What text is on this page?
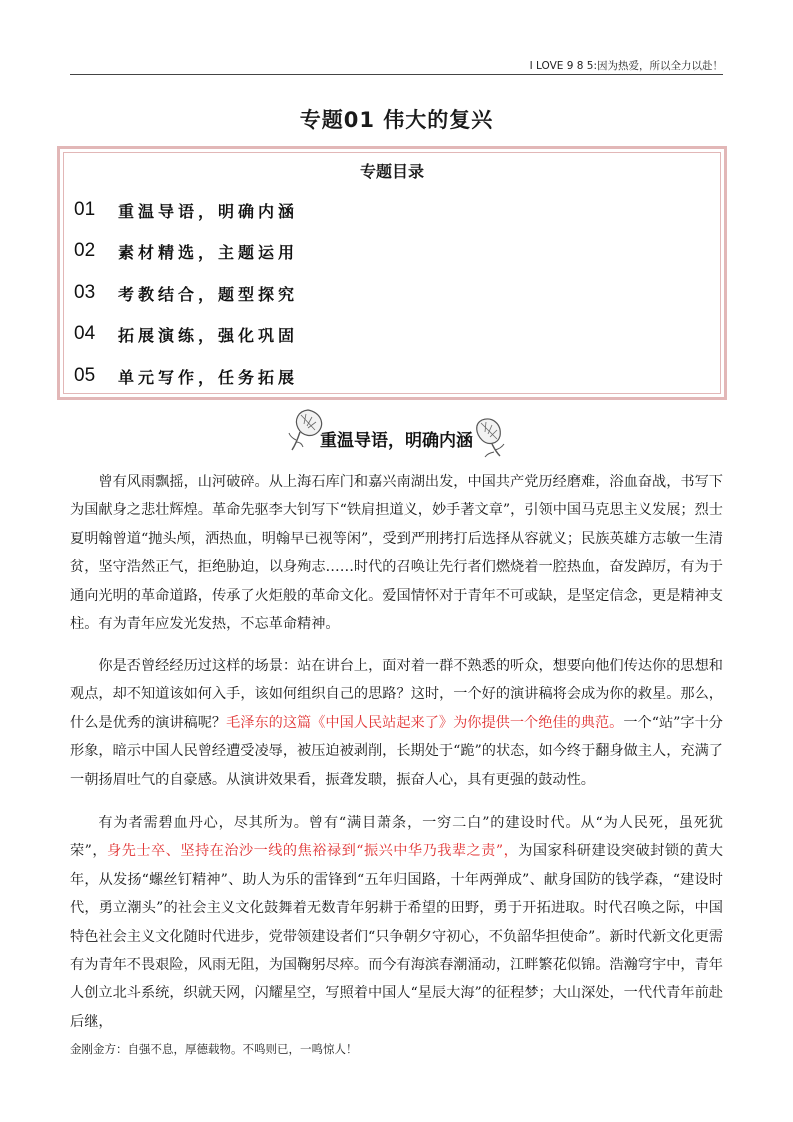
I LOVE 9 8 5:因为热爱，所以全力以赴！
专题01 伟大的复兴
专题目录
01	重温导语，明确内涵
02	素材精选，主题运用
03	考教结合，题型探究
04	拓展演练，强化巩固
05	单元写作，任务拓展
重温导语，明确内涵

曾有风雨飘摇，山河破碎。从上海石库门和嘉兴南湖出发，中国共产党历经磨难，浴血奋战，书写下为国献身之悲壮辉煌。革命先驱李大钊写下“铁肩担道义，妙手著文章”，引领中国马克思主义发展；烈士夏明翰曾道“抛头颅，洒热血，明翰早已视等闲”，受到严刑拷打后选择从容就义；民族英雄方志敏一生清贫，坚守浩然正气，拒绝胁迫，以身殉志……时代的召唤让先行者们燃烧着一腔热血，奋发踔厉，有为于通向光明的革命道路，传承了火炬般的革命文化。爱国情怀对于青年不可或缺，是坚定信念，更是精神支柱。有为青年应发光发热，不忘革命精神。

你是否曾经经历过这样的场景：站在讲台上，面对着一群不熟悉的听众，想要向他们传达你的思想和观点，却不知道该如何入手，该如何组织自己的思路？这时，一个好的演讲稿将会成为你的救星。那么，什么是优秀的演讲稿呢？毛泽东的这篇《中国人民站起来了》为你提供一个绝佳的典范。一个“站”字十分形象，暗示中国人民曾经遭受凌辱，被压迫被剥削，长期处于“跪”的状态，如今终于翻身做主人，充满了一朝扬眉吐气的自豪感。从演讲效果看，振聋发聩，振奋人心，具有更强的鼓动性。

有为者需碧血丹心，尽其所为。曾有“满目萧条，一穷二白”的建设时代。从“为人民死，虽死犹荣”，身先士卒、坚持在治沙一线的焦裕禄到“振兴中华乃我辈之责”，为国家科研建设突破封锁的黄大年，从发扬“螺丝钉精神”、助人为乐的雷锋到“五年归国路，十年两弹成”、献身国防的钱学森，“建设时代，勇立潮头”的社会主义文化鼓舞着无数青年躬耕于希望的田野，勇于开拓进取。时代召唤之际，中国特色社会主义文化随时代进步，党带领建设者们“只争朝夕守初心，不负韶华担使命”。新时代新文化更需有为青年不畏艰险，风雨无阻，为国鞠躬尽瘁。而今有海滨春潮涌动，江畔繁花似锦。浩瀚穹宇中，青年人创立北斗系统，织就天网，闪耀星空，写照着中国人“星辰大海”的征程梦；大山深处，一代代青年前赴后继，

金刚金方：自强不息，厚德载物。不鸣则已，一鸣惊人！
